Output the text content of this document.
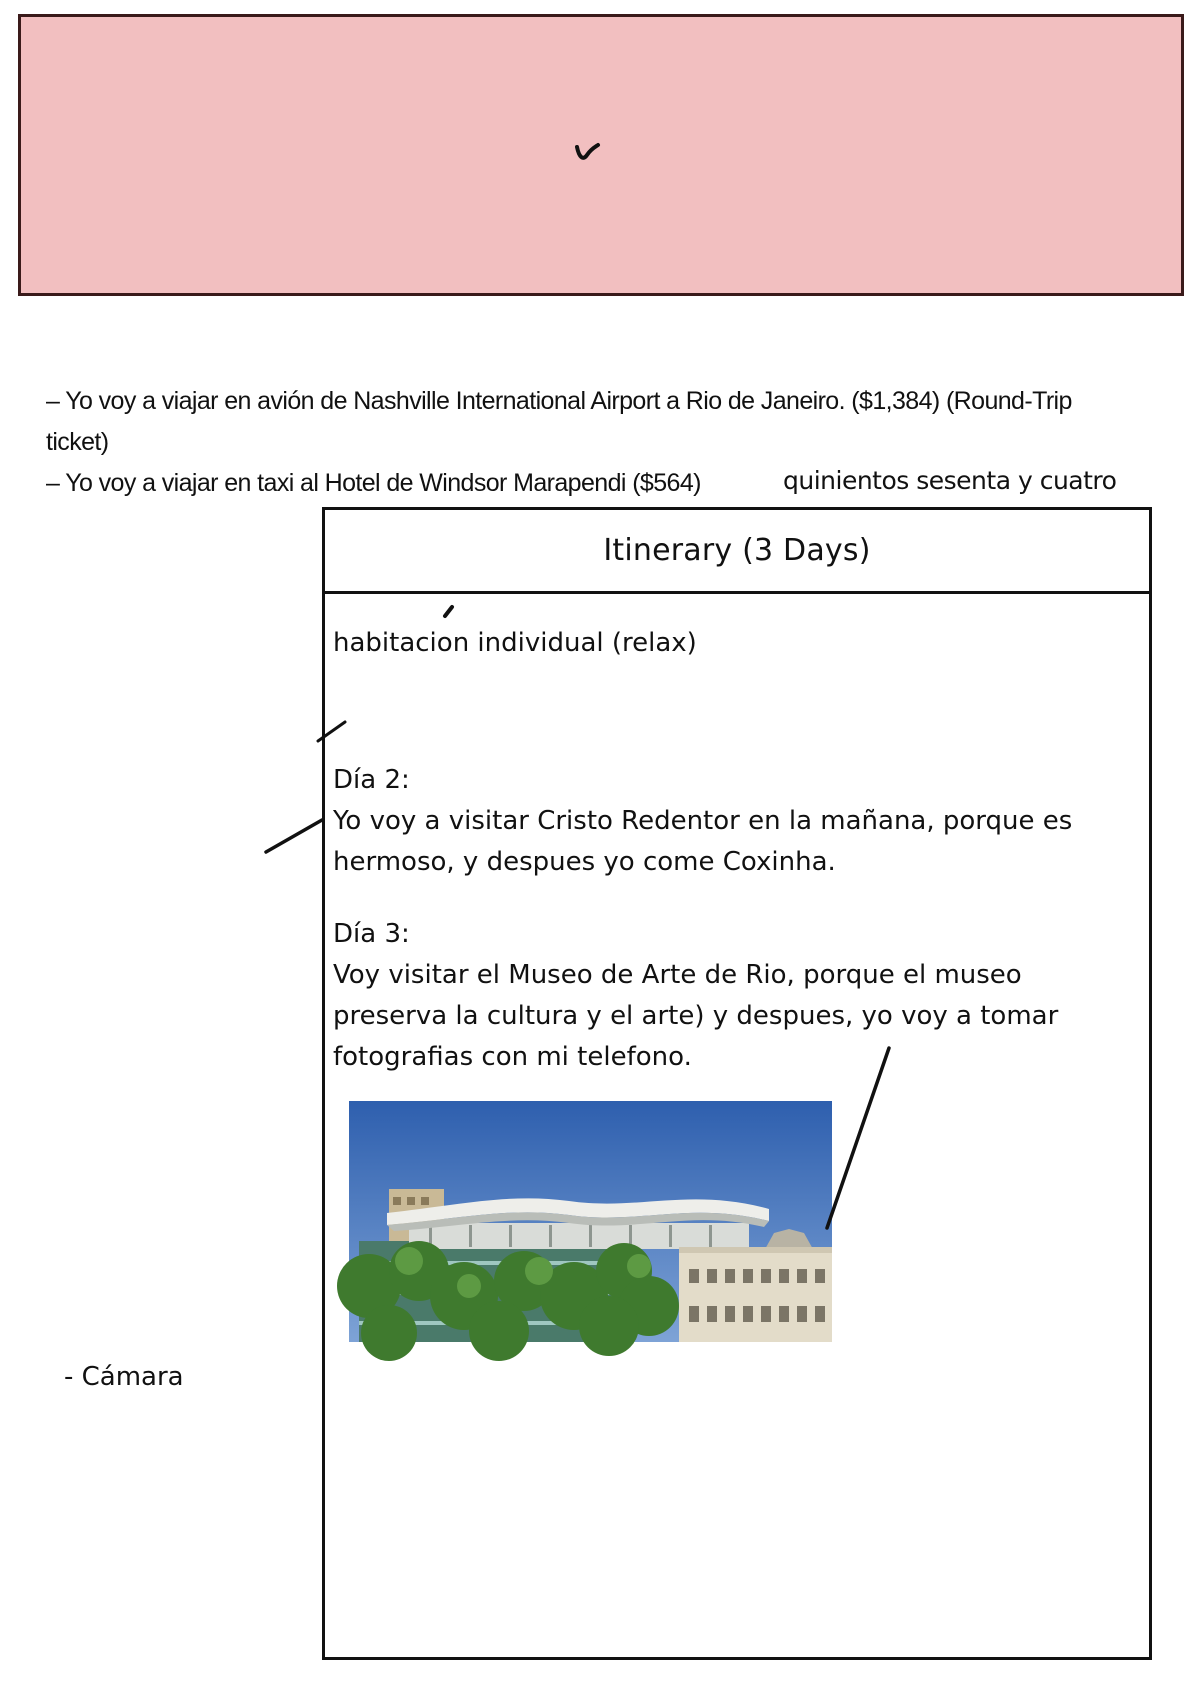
– Yo voy a viajar en avión de Nashville International Airport a Rio de Janeiro. ($1,384) (Round-Trip
ticket)
– Yo voy a viajar en taxi al Hotel de Windsor Marapendi ($564)	quinientos sesenta y cuatro
Itinerary (3 Days)
habitacion individual (relax)
Día 2:
Yo voy a visitar Cristo Redentor en la mañana, porque es hermoso, y despues yo come Coxinha.
Día 3:
Voy visitar el Museo de Arte de Rio, porque el museo preserva la cultura y el arte) y despues, yo voy a tomar fotografias con mi telefono.
- Cámara
